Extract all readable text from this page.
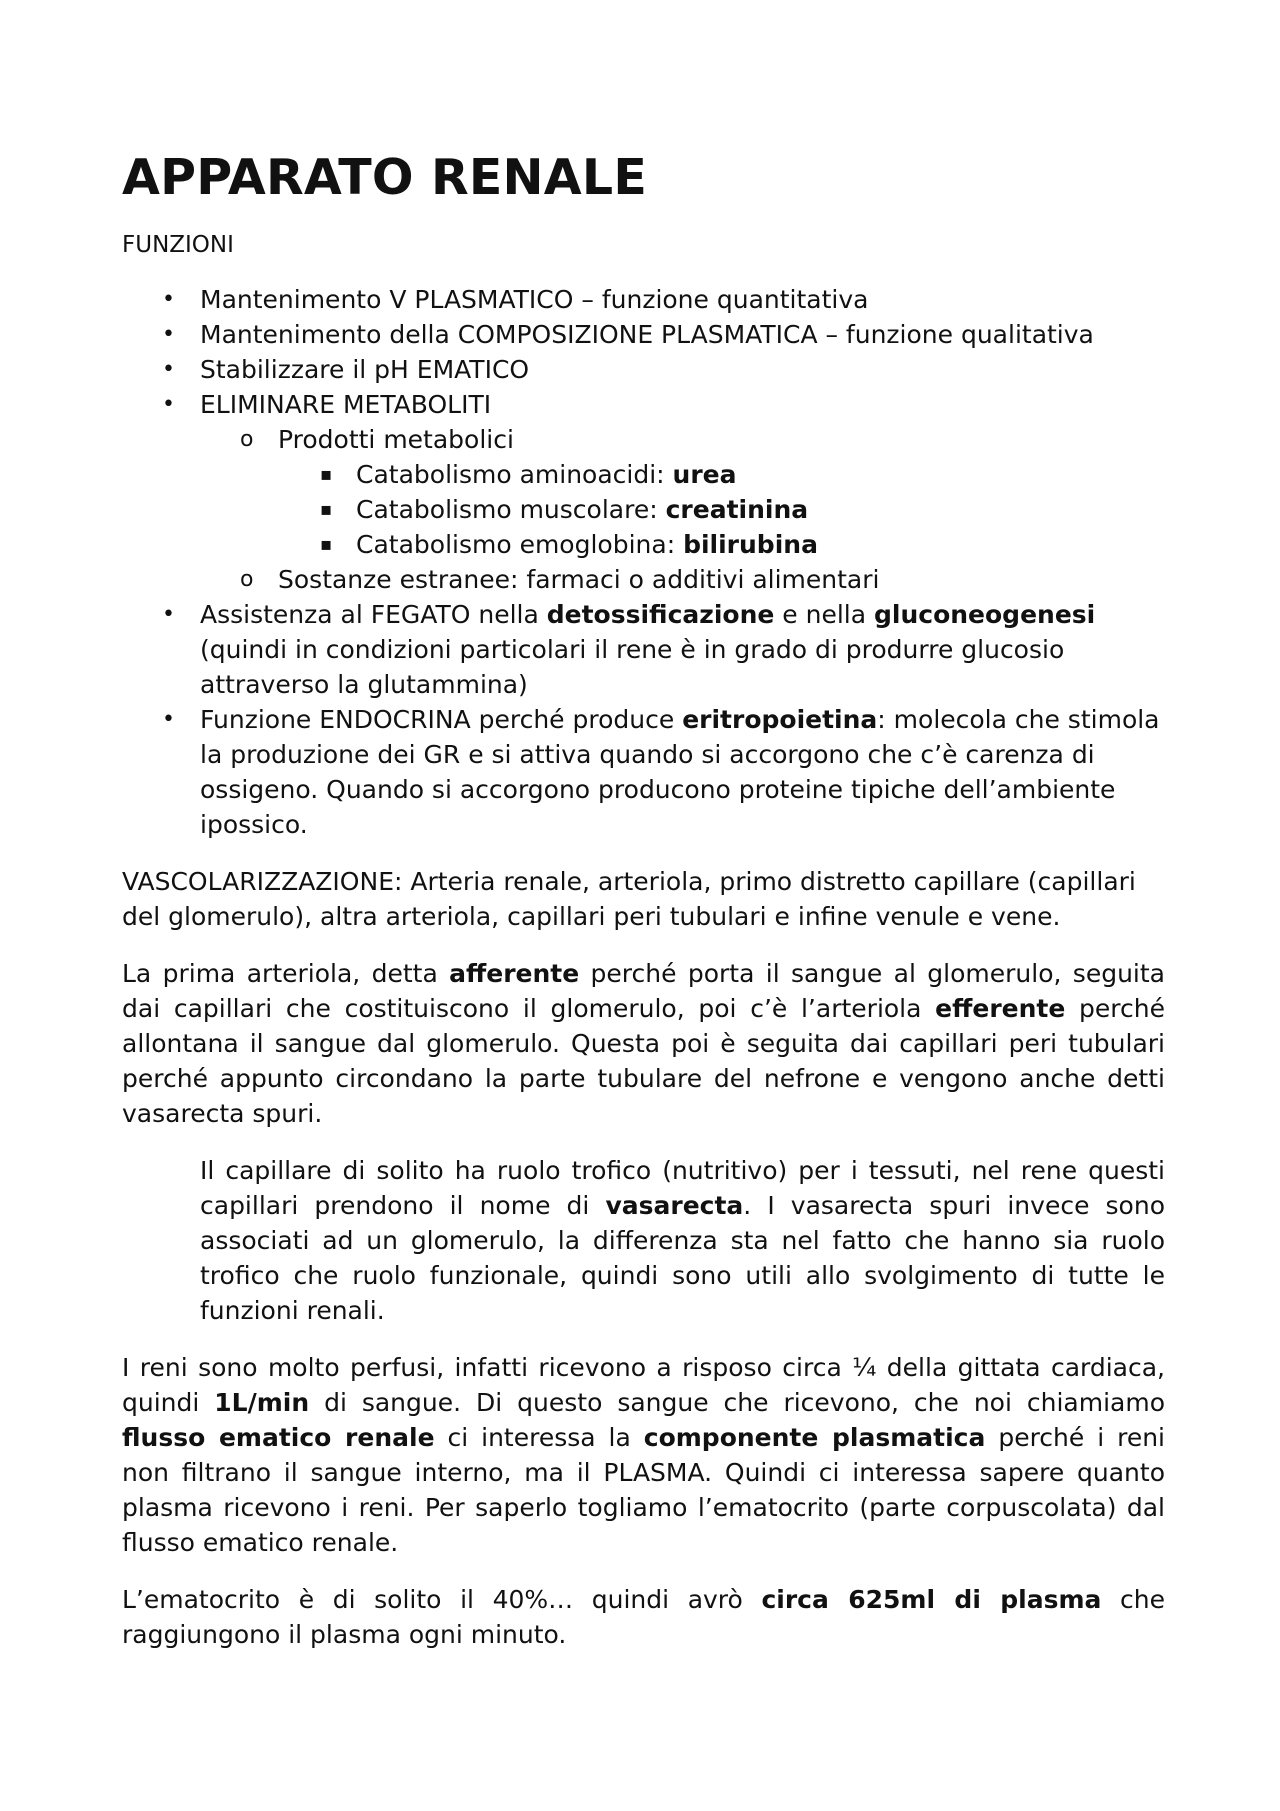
APPARATO RENALE
FUNZIONI
• Mantenimento V PLASMATICO – funzione quantitativa
• Mantenimento della COMPOSIZIONE PLASMATICA – funzione qualitativa
• Stabilizzare il pH EMATICO
• ELIMINARE METABOLITI
o Prodotti metabolici
▪ Catabolismo aminoacidi: urea
▪ Catabolismo muscolare: creatinina
▪ Catabolismo emoglobina: bilirubina
o Sostanze estranee: farmaci o additivi alimentari
• Assistenza al FEGATO nella detossificazione e nella gluconeogenesi (quindi in condizioni particolari il rene è in grado di produrre glucosio attraverso la glutammina)
• Funzione ENDOCRINA perché produce eritropoietina: molecola che stimola la produzione dei GR e si attiva quando si accorgono che c’è carenza di ossigeno. Quando si accorgono producono proteine tipiche dell’ambiente ipossico.

VASCOLARIZZAZIONE: Arteria renale, arteriola, primo distretto capillare (capillari del glomerulo), altra arteriola, capillari peri tubulari e infine venule e vene.

La prima arteriola, detta afferente perché porta il sangue al glomerulo, seguita dai capillari che costituiscono il glomerulo, poi c’è l’arteriola efferente perché allontana il sangue dal glomerulo. Questa poi è seguita dai capillari peri tubulari perché appunto circondano la parte tubulare del nefrone e vengono anche detti vasarecta spuri.

Il capillare di solito ha ruolo trofico (nutritivo) per i tessuti, nel rene questi capillari prendono il nome di vasarecta. I vasarecta spuri invece sono associati ad un glomerulo, la differenza sta nel fatto che hanno sia ruolo trofico che ruolo funzionale, quindi sono utili allo svolgimento di tutte le funzioni renali.

I reni sono molto perfusi, infatti ricevono a risposo circa ¼ della gittata cardiaca, quindi 1L/min di sangue. Di questo sangue che ricevono, che noi chiamiamo flusso ematico renale ci interessa la componente plasmatica perché i reni non filtrano il sangue interno, ma il PLASMA. Quindi ci interessa sapere quanto plasma ricevono i reni. Per saperlo togliamo l’ematocrito (parte corpuscolata) dal flusso ematico renale.

L’ematocrito è di solito il 40%… quindi avrò circa 625ml di plasma che raggiungono il plasma ogni minuto.
